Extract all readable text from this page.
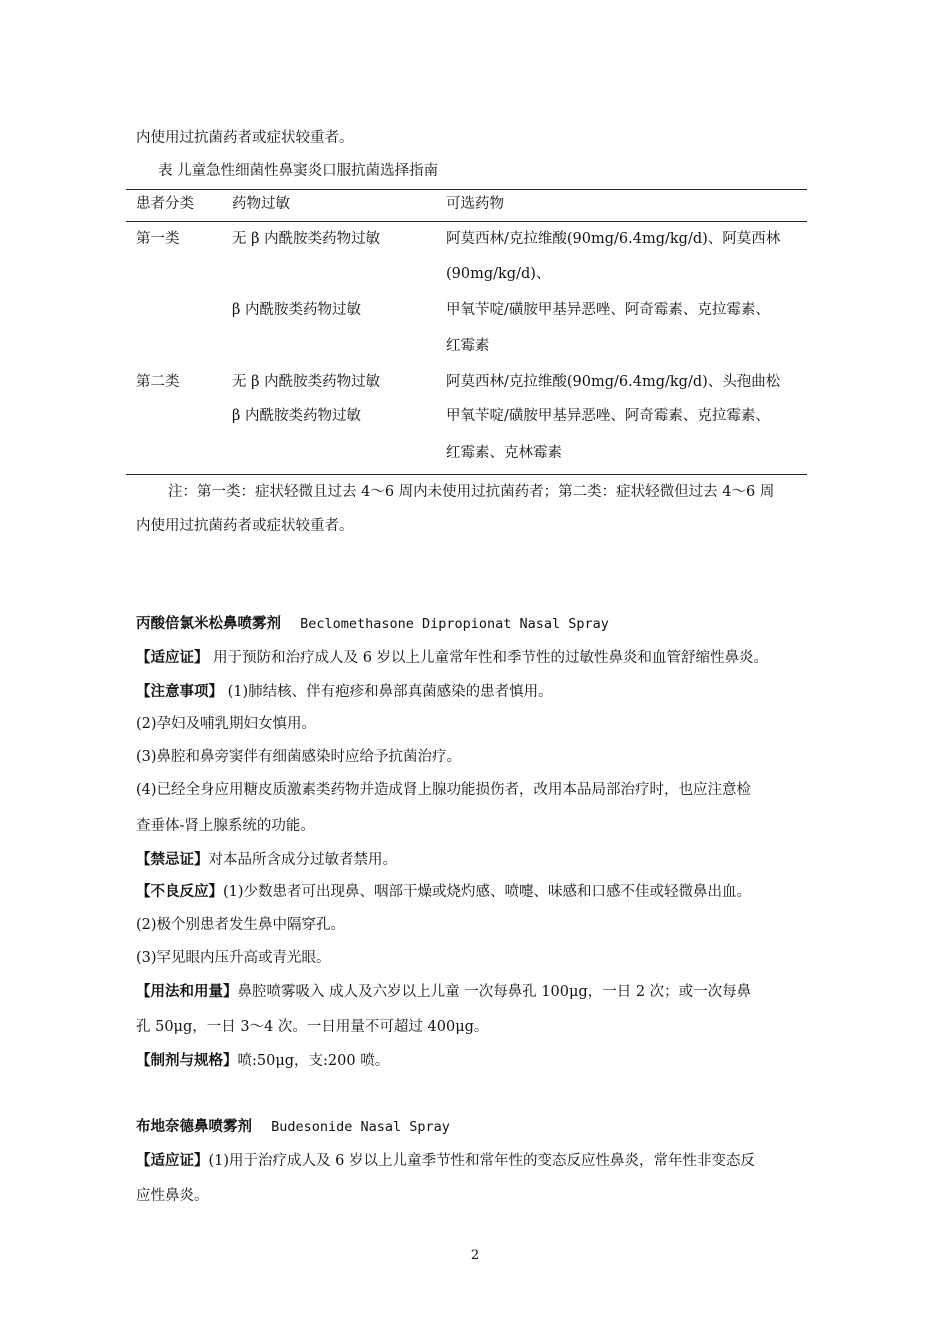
内使用过抗菌药者或症状较重者。
表 儿童急性细菌性鼻窦炎口服抗菌选择指南
患者分类	药物过敏	可选药物
第一类	无 β 内酰胺类药物过敏	阿莫西林/克拉维酸(90mg/6.4mg/kg/d)、阿莫西林
(90mg/kg/d)、
β 内酰胺类药物过敏	甲氧苄啶/磺胺甲基异恶唑、阿奇霉素、克拉霉素、
红霉素
第二类	无 β 内酰胺类药物过敏	阿莫西林/克拉维酸(90mg/6.4mg/kg/d)、头孢曲松
β 内酰胺类药物过敏	甲氧苄啶/磺胺甲基异恶唑、阿奇霉素、克拉霉素、
红霉素、克林霉素
注：第一类：症状轻微且过去 4～6 周内未使用过抗菌药者；第二类：症状轻微但过去 4～6 周
内使用过抗菌药者或症状较重者。
丙酸倍氯米松鼻喷雾剂 Beclomethasone Dipropionat Nasal Spray
【适应证】 用于预防和治疗成人及 6 岁以上儿童常年性和季节性的过敏性鼻炎和血管舒缩性鼻炎。
【注意事项】 (1)肺结核、伴有疱疹和鼻部真菌感染的患者慎用。
(2)孕妇及哺乳期妇女慎用。
(3)鼻腔和鼻旁窦伴有细菌感染时应给予抗菌治疗。
(4)已经全身应用糖皮质激素类药物并造成肾上腺功能损伤者，改用本品局部治疗时，也应注意检
查垂体-肾上腺系统的功能。
【禁忌证】对本品所含成分过敏者禁用。
【不良反应】(1)少数患者可出现鼻、咽部干燥或烧灼感、喷嚏、味感和口感不佳或轻微鼻出血。
(2)极个别患者发生鼻中隔穿孔。
(3)罕见眼内压升高或青光眼。
【用法和用量】鼻腔喷雾吸入 成人及六岁以上儿童 一次每鼻孔 100μg，一日 2 次；或一次每鼻
孔 50μg，一日 3～4 次。一日用量不可超过 400μg。
【制剂与规格】喷:50μg，支:200 喷。
布地奈德鼻喷雾剂 Budesonide Nasal Spray
【适应证】(1)用于治疗成人及 6 岁以上儿童季节性和常年性的变态反应性鼻炎，常年性非变态反
应性鼻炎。
2
